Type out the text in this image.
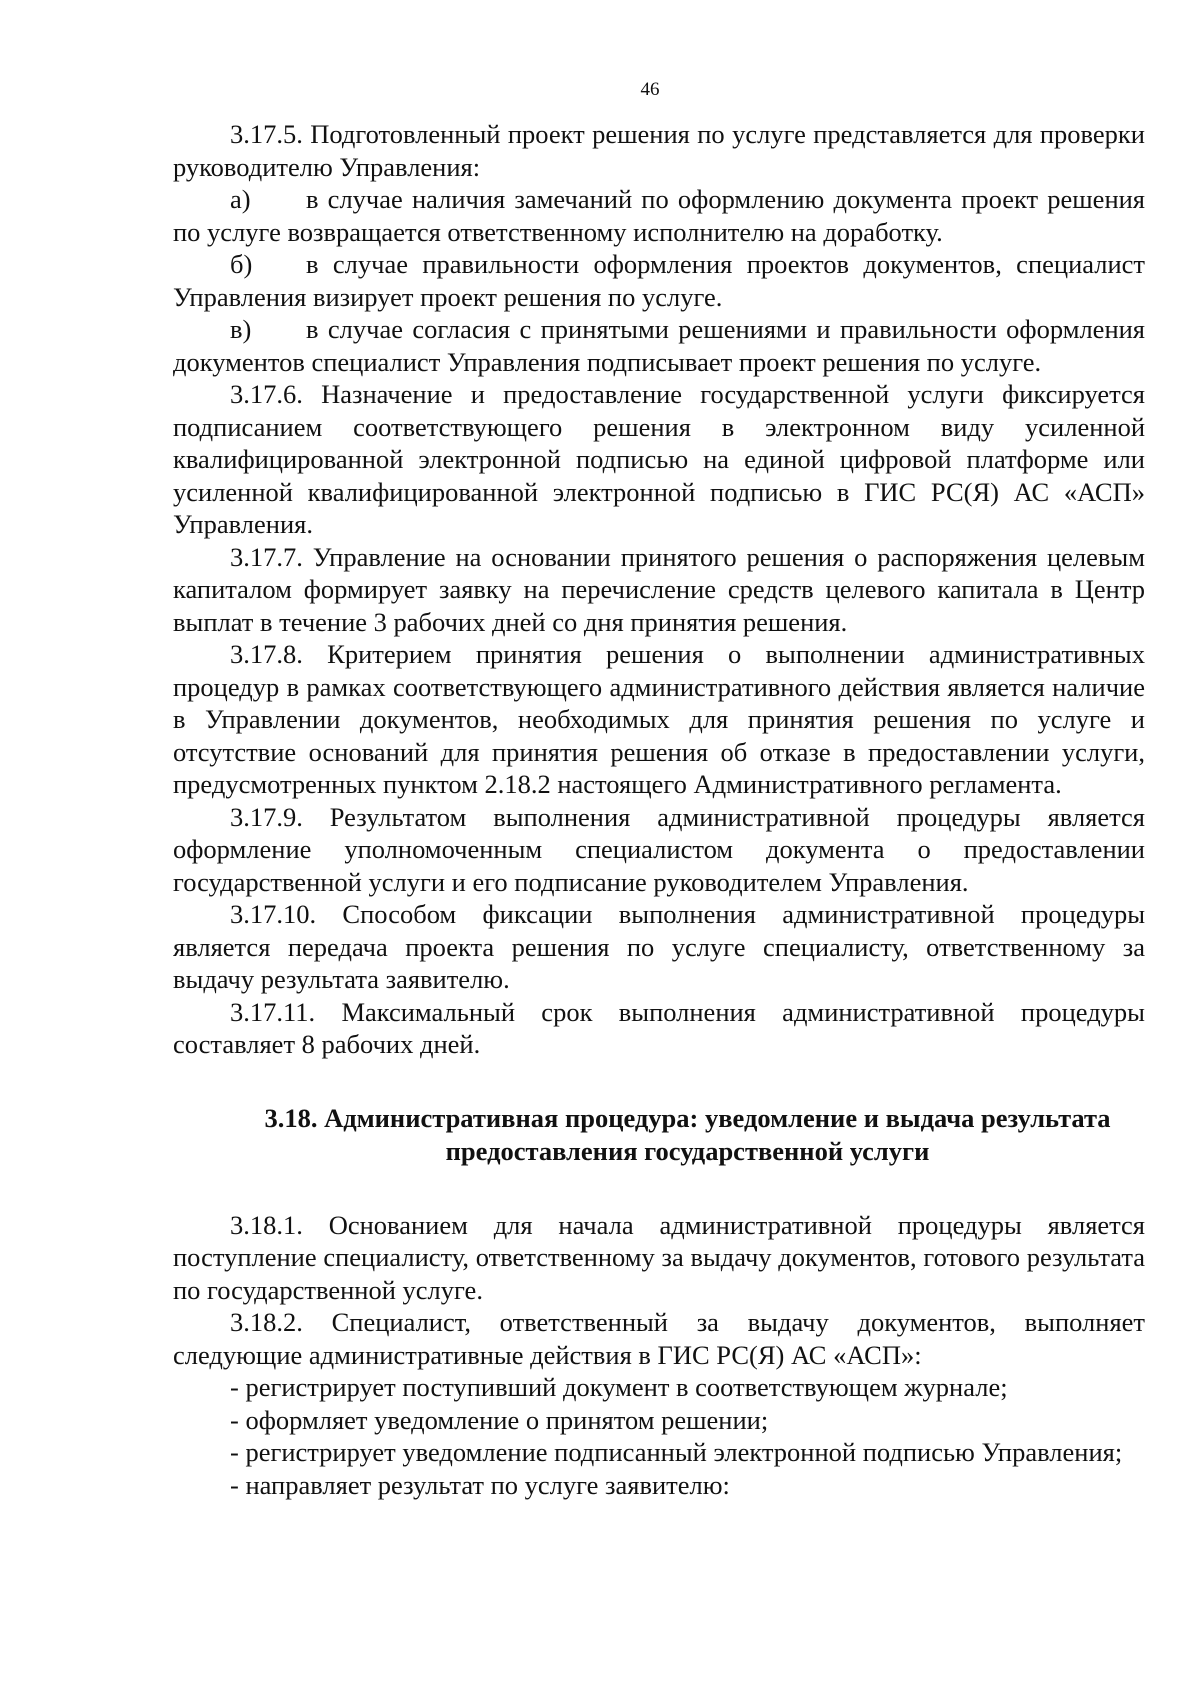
46

3.17.5. Подготовленный проект решения по услуге представляется для проверки руководителю Управления:

а) в случае наличия замечаний по оформлению документа проект решения по услуге возвращается ответственному исполнителю на доработку.

б) в случае правильности оформления проектов документов, специалист Управления визирует проект решения по услуге.

в) в случае согласия с принятыми решениями и правильности оформления документов специалист Управления подписывает проект решения по услуге.

3.17.6. Назначение и предоставление государственной услуги фиксируется подписанием соответствующего решения в электронном виду усиленной квалифицированной электронной подписью на единой цифровой платформе или усиленной квалифицированной электронной подписью в ГИС РС(Я) АС «АСП» Управления.

3.17.7. Управление на основании принятого решения о распоряжения целевым капиталом формирует заявку на перечисление средств целевого капитала в Центр выплат в течение 3 рабочих дней со дня принятия решения.

3.17.8. Критерием принятия решения о выполнении административных процедур в рамках соответствующего административного действия является наличие в Управлении документов, необходимых для принятия решения по услуге и отсутствие оснований для принятия решения об отказе в предоставлении услуги, предусмотренных пунктом 2.18.2 настоящего Административного регламента.

3.17.9. Результатом выполнения административной процедуры является оформление уполномоченным специалистом документа о предоставлении государственной услуги и его подписание руководителем Управления.

3.17.10. Способом фиксации выполнения административной процедуры является передача проекта решения по услуге специалисту, ответственному за выдачу результата заявителю.

3.17.11. Максимальный срок выполнения административной процедуры составляет 8 рабочих дней.

3.18. Административная процедура: уведомление и выдача результата
предоставления государственной услуги

3.18.1. Основанием для начала административной процедуры является поступление специалисту, ответственному за выдачу документов, готового результата по государственной услуге.

3.18.2. Специалист, ответственный за выдачу документов, выполняет следующие административные действия в ГИС РС(Я) АС «АСП»:

- регистрирует поступивший документ в соответствующем журнале;

- оформляет уведомление о принятом решении;

- регистрирует уведомление подписанный электронной подписью Управления;

- направляет результат по услуге заявителю:
